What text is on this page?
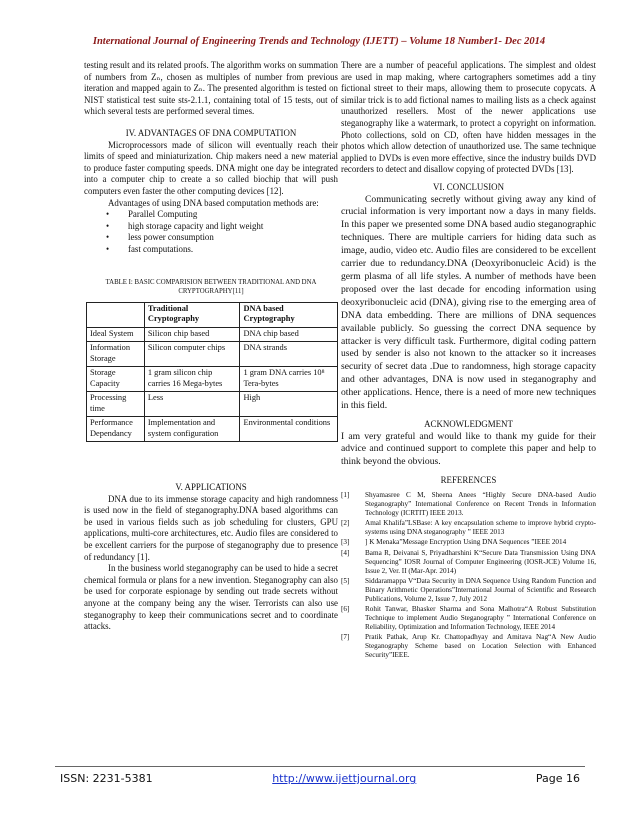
International Journal of Engineering Trends and Technology (IJETT) – Volume 18 Number1- Dec 2014

testing result and its related proofs. The algorithm works on summation of numbers from Zₙ, chosen as multiples of number from previous iteration and mapped again to Zₙ. The presented algorithm is tested on NIST statistical test suite sts-2.1.1, containing total of 15 tests, out of which several tests are performed several times.

IV. ADVANTAGES OF DNA COMPUTATION

Microprocessors made of silicon will eventually reach their limits of speed and miniaturization. Chip makers need a new material to produce faster computing speeds. DNA might one day be integrated into a computer chip to create a so called biochip that will push computers even faster the other computing devices [12].

Advantages of using DNA based computation methods are:

• Parallel Computing
• high storage capacity and light weight
• less power consumption
• fast computations.
TABLE I: BASIC COMPARISION BETWEEN TRADITIONAL AND DNA CRYPTOGRAPHY[11]
	Traditional Cryptography	DNA based Cryptography
Ideal System	Silicon chip based	DNA chip based
Information Storage	Silicon computer chips	DNA strands
Storage Capacity	1 gram silicon chip carries 16 Mega-bytes	1 gram DNA carries 10⁸ Tera-bytes
Processing time	Less	High
Performance Dependancy	Implementation and system configuration	Environmental conditions
V. APPLICATIONS

DNA due to its immense storage capacity and high randomness is used now in the field of steganography.DNA based algorithms can be used in various fields such as job scheduling for clusters, GPU applications, multi-core architectures, etc. Audio files are considered to be excellent carriers for the purpose of steganography due to presence of redundancy [1].

In the business world steganography can be used to hide a secret chemical formula or plans for a new invention. Steganography can also be used for corporate espionage by sending out trade secrets without anyone at the company being any the wiser. Terrorists can also use steganography to keep their communications secret and to coordinate attacks.

There are a number of peaceful applications. The simplest and oldest are used in map making, where cartographers sometimes add a tiny fictional street to their maps, allowing them to prosecute copycats. A similar trick is to add fictional names to mailing lists as a check against unauthorized resellers. Most of the newer applications use steganography like a watermark, to protect a copyright on information. Photo collections, sold on CD, often have hidden messages in the photos which allow detection of unauthorized use. The same technique applied to DVDs is even more effective, since the industry builds DVD recorders to detect and disallow copying of protected DVDs [13].

VI. CONCLUSION

Communicating secretly without giving away any kind of crucial information is very important now a days in many fields. In this paper we presented some DNA based audio steganographic techniques. There are multiple carriers for hiding data such as image, audio, video etc. Audio files are considered to be excellent carrier due to redundancy.DNA (Deoxyribonucleic Acid) is the germ plasma of all life styles. A number of methods have been proposed over the last decade for encoding information using deoxyribonucleic acid (DNA), giving rise to the emerging area of DNA data embedding. There are millions of DNA sequences available publicly. So guessing the correct DNA sequence by attacker is very difficult task. Furthermore, digital coding pattern used by sender is also not known to the attacker so it increases security of secret data .Due to randomness, high storage capacity and other advantages, DNA is now used in steganography and other applications. Hence, there is a need of more new techniques in this field.

ACKNOWLEDGMENT

I am very grateful and would like to thank my guide for their advice and continued support to complete this paper and help to think beyond the obvious.

REFERENCES
[1]	Shyamasree C M, Sheena Anees “Highly Secure DNA-based Audio Steganography” International Conference on Recent Trends in Information Technology (ICRTIT) IEEE 2013.
[2]	Amal Khalifa”LSBase: A key encapsulation scheme to improve hybrid crypto-systems using DNA steganography ” IEEE 2013
[3]	] K Menaka”Message Encryption Using DNA Sequences ”IEEE 2014
[4]	Bama R, Deivanai S, Priyadharshini K“Secure Data Transmission Using DNA Sequencing” IOSR Journal of Computer Engineering (IOSR-JCE) Volume 16, Issue 2, Ver. II (Mar-Apr. 2014)
[5]	Siddaramappa V“Data Security in DNA Sequence Using Random Function and Binary Arithmetic Operations”International Journal of Scientific and Research Publications, Volume 2, Issue 7, July 2012
[6]	Rohit Tanwar, Bhasker Sharma and Sona Malhotra“A Robust Substitution Technique to implement Audio Steganography ” International Conference on Reliability, Optimization and Information Technology, IEEE 2014
[7]	Pratik Pathak, Arup Kr. Chattopadhyay and Amitava Nag“A New Audio Steganography Scheme based on Location Selection with Enhanced Security”IEEE.
ISSN: 2231-5381	http://www.ijettjournal.org	Page 16
